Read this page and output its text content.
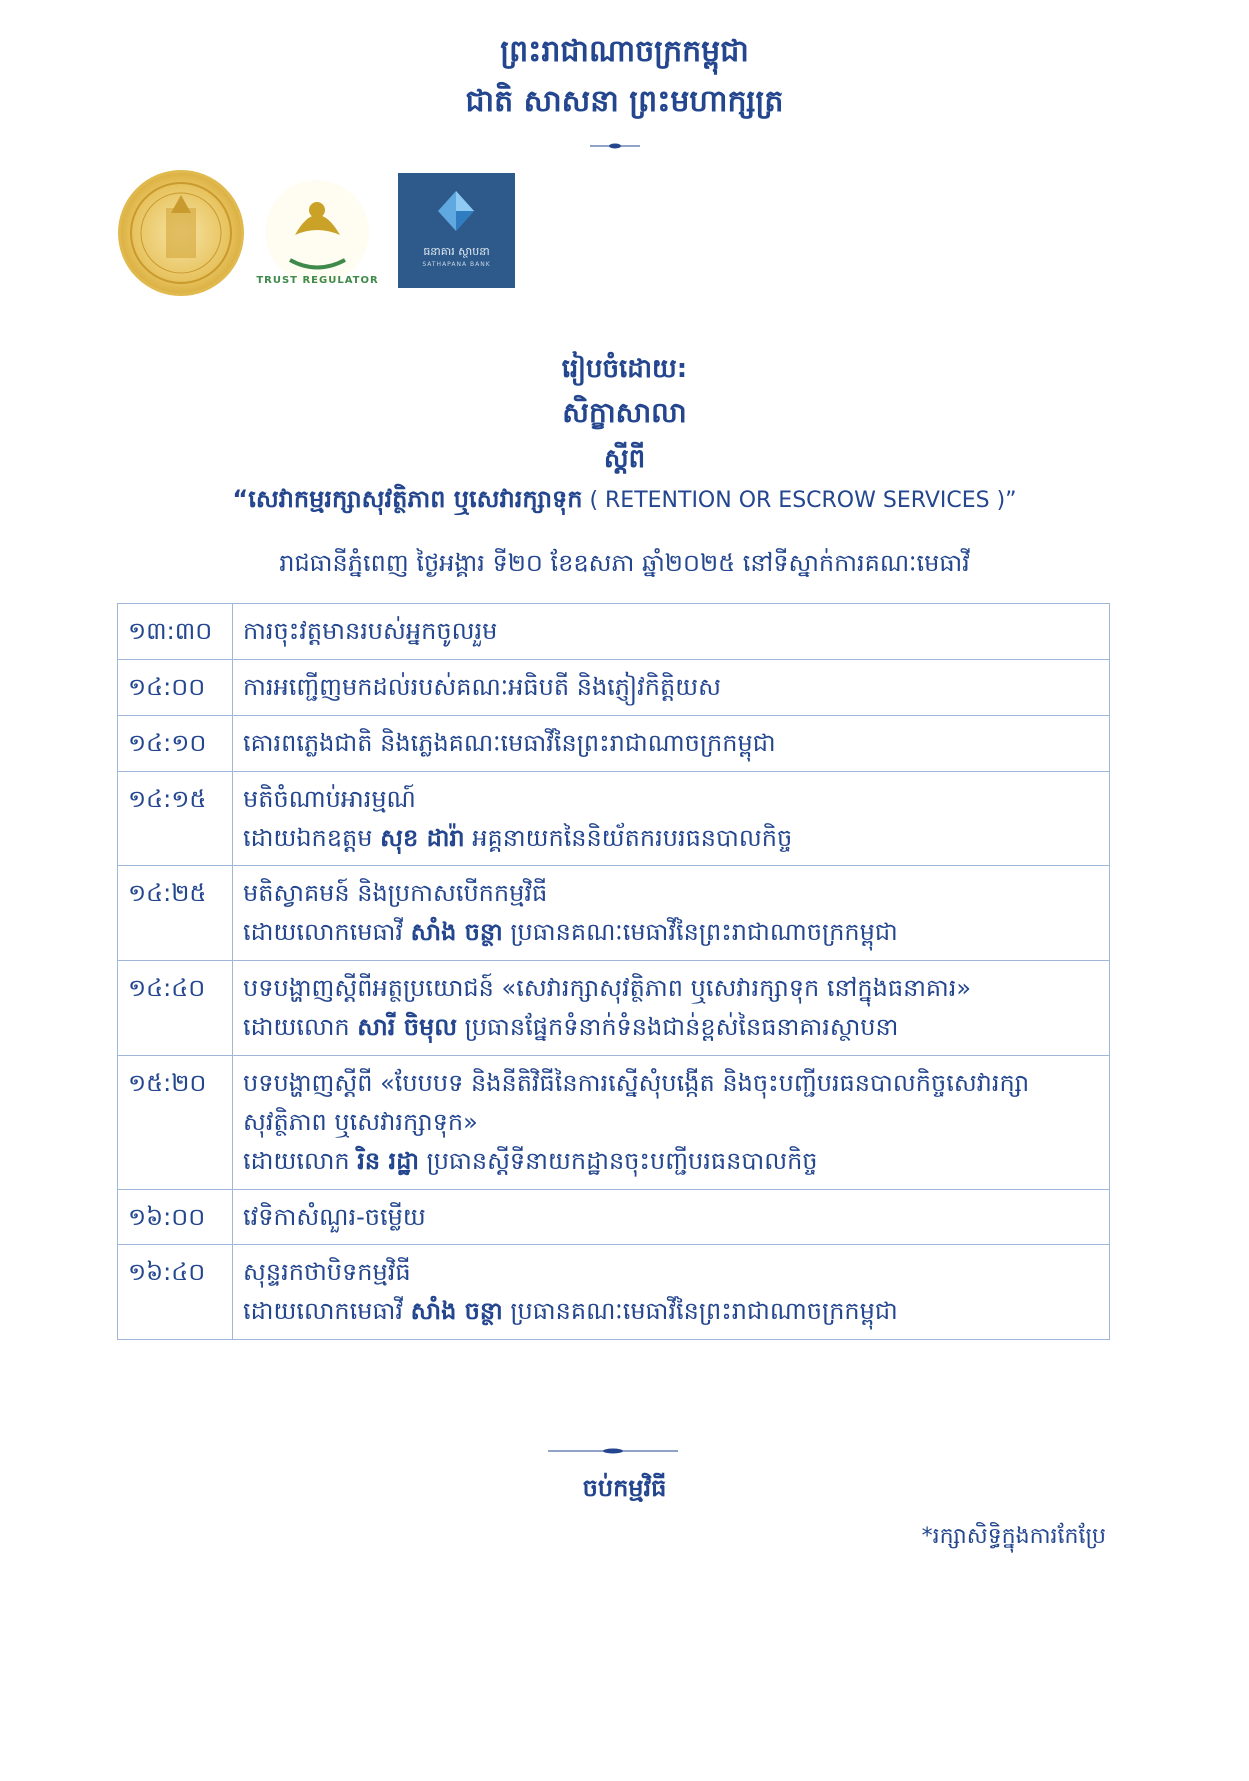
ព្រះរាជាណាចក្រកម្ពុជា
ជាតិ សាសនា ព្រះមហាក្សត្រ
TRUST REGULATOR
ធនាគារ ស្ថាបនា
SATHAPANA BANK
រៀបចំដោយ:
សិក្ខាសាលា
ស្តីពី
“សេវាកម្មរក្សាសុវត្ថិភាព ឬសេវារក្សាទុក ( RETENTION OR ESCROW SERVICES )”
រាជធានីភ្នំពេញ ថ្ងៃអង្គារ ទី២០ ខែឧសភា ឆ្នាំ២០២៥ នៅទីស្នាក់ការគណៈមេធាវី
១៣:៣០	ការចុះវត្តមានរបស់អ្នកចូលរួម

១៤:០០	ការអញ្ជើញមកដល់របស់គណៈអធិបតី និងភ្ញៀវកិត្តិយស

១៤:១០	គោរពភ្លេងជាតិ និងភ្លេងគណៈមេធាវីនៃព្រះរាជាណាចក្រកម្ពុជា

១៤:១៥	មតិចំណាប់អារម្មណ៍
ដោយឯកឧត្តម សុខ ដារ៉ា អគ្គនាយកនៃនិយ័តករបរធនបាលកិច្ច

១៤:២៥	មតិស្វាគមន៍ និងប្រកាសបើកកម្មវិធី
ដោយលោកមេធាវី សាំង ចន្ថា ប្រធានគណៈមេធាវីនៃព្រះរាជាណាចក្រកម្ពុជា

១៤:៤០	បទបង្ហាញស្តីពីអត្ថប្រយោជន៍ «សេវារក្សាសុវត្ថិភាព ឬសេវារក្សាទុក នៅក្នុងធនាគារ»
ដោយលោក សារី ចិមុល ប្រធានផ្នែកទំនាក់ទំនងជាន់ខ្ពស់នៃធនាគារស្ថាបនា

១៥:២០	បទបង្ហាញស្តីពី «បែបបទ និងនីតិវិធីនៃការស្នើសុំបង្កើត និងចុះបញ្ជីបរធនបាលកិច្ចសេវារក្សា
សុវត្ថិភាព ឬសេវារក្សាទុក»
ដោយលោក រិន រដ្ឋា ប្រធានស្តីទីនាយកដ្ឋានចុះបញ្ជីបរធនបាលកិច្ច

១៦:០០	វេទិកាសំណួរ-ចម្លើយ

១៦:៤០	សុន្ទរកថាបិទកម្មវិធី
ដោយលោកមេធាវី សាំង ចន្ថា ប្រធានគណៈមេធាវីនៃព្រះរាជាណាចក្រកម្ពុជា
ចប់កម្មវិធី
*រក្សាសិទ្ធិក្នុងការកែប្រែ
